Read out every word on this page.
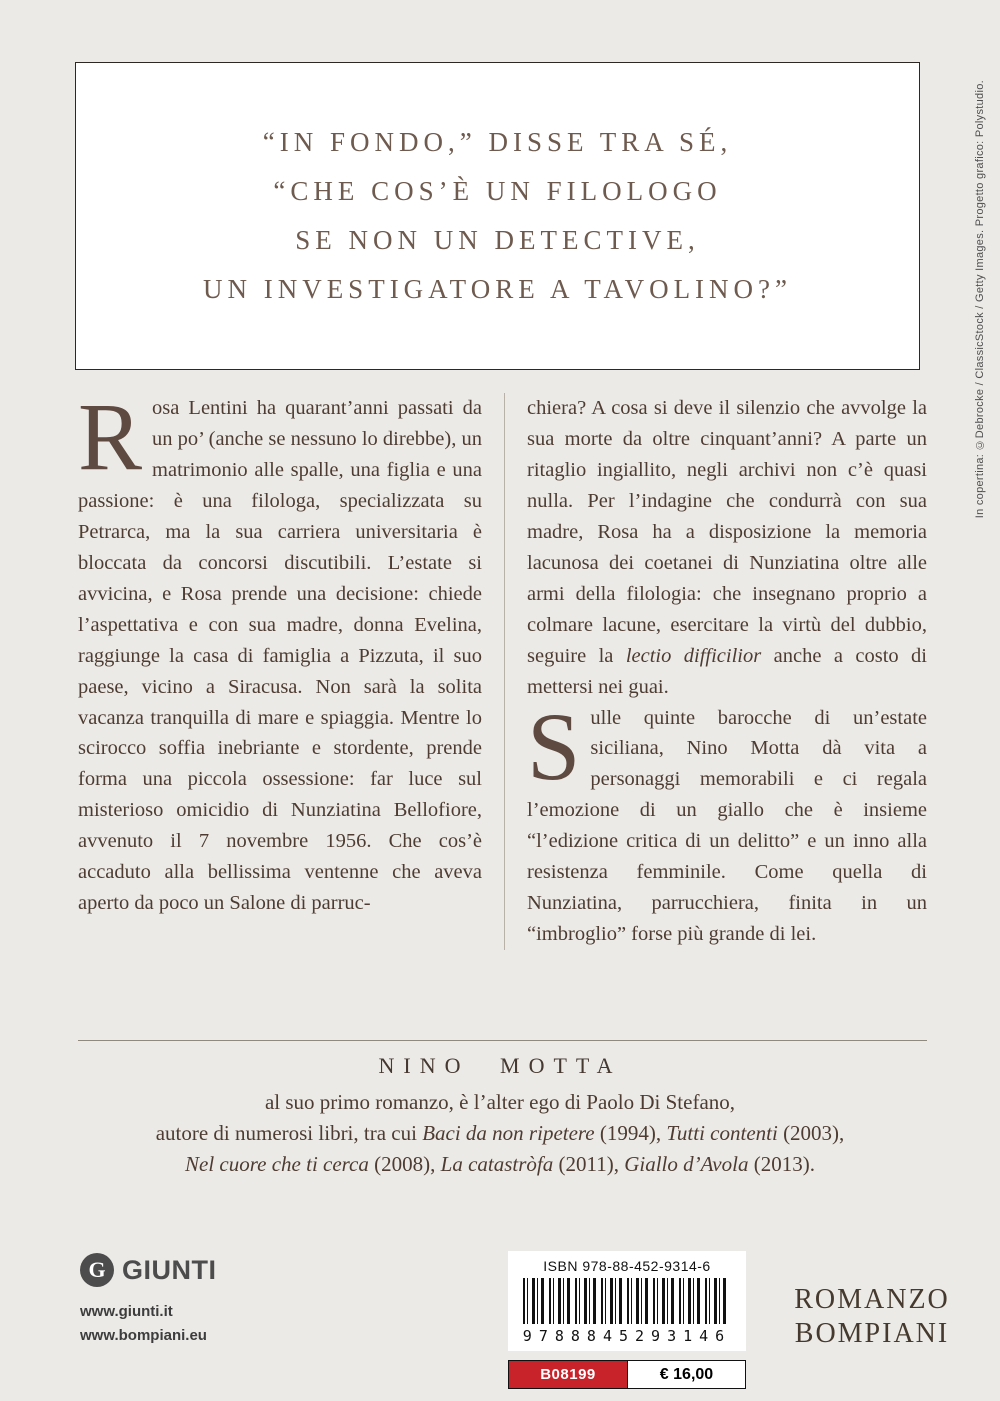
“IN FONDO,” DISSE TRA SÉ,
“CHE COS’È UN FILOLOGO
SE NON UN DETECTIVE,
UN INVESTIGATORE A TAVOLINO?”	In copertina: ©Debrocke / ClassicStock / Getty Images. Progetto grafico: Polystudio.

Rosa Lentini ha quarant’anni passati da un po’ (anche se nessuno lo direbbe), un matrimonio alle spalle, una figlia e una passione: è una filologa, specializzata su Petrarca, ma la sua carriera universitaria è bloccata da concorsi discutibili. L’estate si avvicina, e Rosa prende una decisione: chiede l’aspettativa e con sua madre, donna Evelina, raggiunge la casa di famiglia a Pizzuta, il suo paese, vicino a Siracusa. Non sarà la solita vacanza tranquilla di mare e spiaggia. Mentre lo scirocco soffia inebriante e stordente, prende forma una piccola ossessione: far luce sul misterioso omicidio di Nunziatina Bellofiore, avvenuto il 7 novembre 1956. Che cos’è accaduto alla bellissima ventenne che aveva aperto da poco un Salone di parruc-

chiera? A cosa si deve il silenzio che avvolge la sua morte da oltre cinquant’anni? A parte un ritaglio ingiallito, negli archivi non c’è quasi nulla. Per l’indagine che condurrà con sua madre, Rosa ha a disposizione la memoria lacunosa dei coetanei di Nunziatina oltre alle armi della filologia: che insegnano proprio a colmare lacune, esercitare la virtù del dubbio, seguire la lectio difficilior anche a costo di mettersi nei guai.

Sulle quinte barocche di un’estate siciliana, Nino Motta dà vita a personaggi memorabili e ci regala l’emozione di un giallo che è insieme “l’edizione critica di un delitto” e un inno alla resistenza femminile. Come quella di Nunziatina, parrucchiera, finita in un “imbroglio” forse più grande di lei.

NINO MOTTA
al suo primo romanzo, è l’alter ego di Paolo Di Stefano,
autore di numerosi libri, tra cui Baci da non ripetere (1994), Tutti contenti (2003),
Nel cuore che ti cerca (2008), La catastròfa (2011), Giallo d’Avola (2013).
G GIUNTI
www.giunti.it
www.bompiani.eu
ISBN 978-88-452-9314-6
9788845293146
B08199	€ 16,00
ROMANZO
BOMPIANI
